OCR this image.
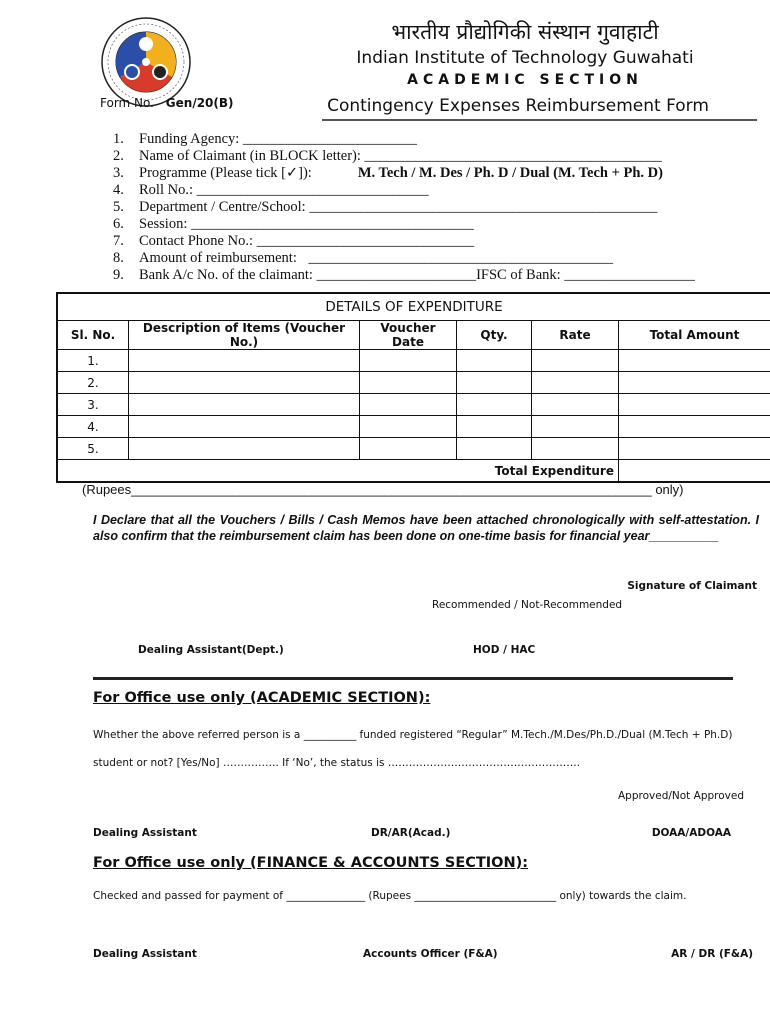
भारतीय प्रौद्योगिकी संस्थान गुवाहाटी
Indian Institute of Technology Guwahati
ACADEMIC SECTION
Form No. Gen/20(B)	Contingency Expenses Reimbursement Form
1. Funding Agency: ________________________
2. Name of Claimant (in BLOCK letter): _________________________________________
3. Programme (Please tick [✓]):	M. Tech / M. Des / Ph. D / Dual (M. Tech + Ph. D)
4. Roll No.: ________________________________
5. Department / Centre/School: ________________________________________________
6. Session: _______________________________________
7. Contact Phone No.: ______________________________
8. Amount of reimbursement: __________________________________________
9. Bank A/c No. of the claimant: ______________________IFSC of Bank: __________________
DETAILS OF EXPENDITURE					
Sl. No.	Description of Items (Voucher No.)	Voucher Date	Qty.	Rate	Total Amount
1.					
2.					
3.					
4.					
5.					
Total Expenditure					
(Rupees________________________________________________________________________ only)
I Declare that all the Vouchers / Bills / Cash Memos have been attached chronologically with self-attestation. I also confirm that the reimbursement claim has been done on one-time basis for financial year__________
Signature of Claimant
Recommended / Not-Recommended
Dealing Assistant(Dept.)	HOD / HAC
For Office use only (ACADEMIC SECTION):
Whether the above referred person is a __________ funded registered “Regular” M.Tech./M.Des/Ph.D./Dual (M.Tech + Ph.D)
student or not? [Yes/No] ……………. If ‘No’, the status is ……………………………………………….
Approved/Not Approved
Dealing Assistant	DR/AR(Acad.)	DOAA/ADOAA
For Office use only (FINANCE & ACCOUNTS SECTION):
Checked and passed for payment of _______________ (Rupees ___________________________ only) towards the claim.
Dealing Assistant	Accounts Officer (F&A)	AR / DR (F&A)
